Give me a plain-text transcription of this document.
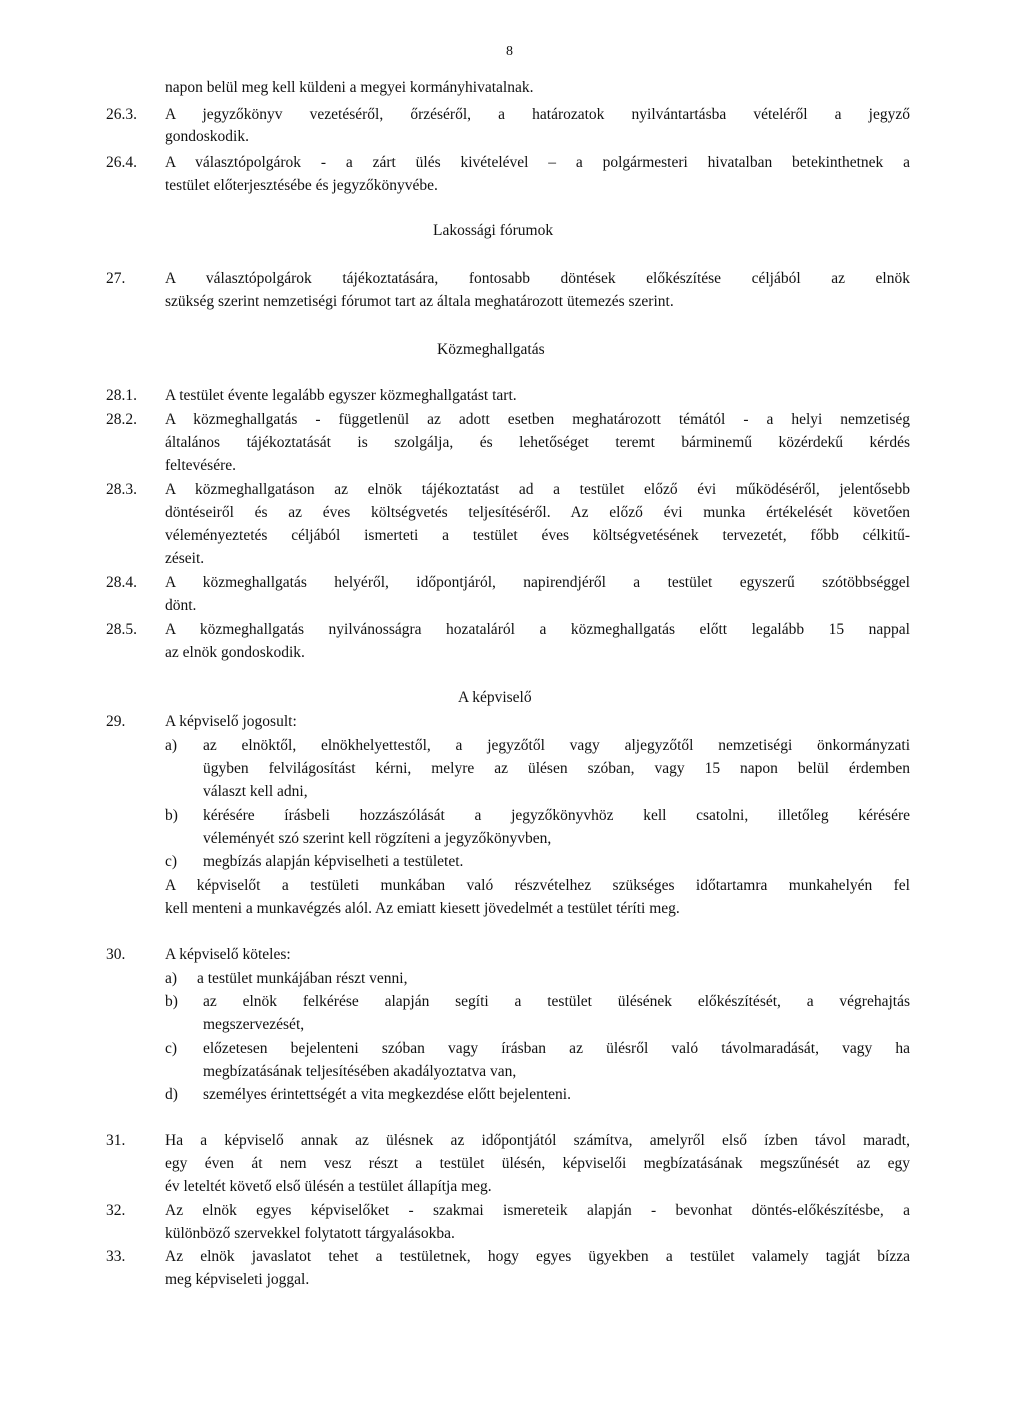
8
napon belül meg kell küldeni a megyei kormányhivatalnak.
26.3. A jegyzőkönyv vezetéséről, őrzéséről, a határozatok nyilvántartásba vételéről a jegyző
gondoskodik.
26.4. A választópolgárok - a zárt ülés kivételével – a polgármesteri hivatalban betekinthetnek a
testület előterjesztésébe és jegyzőkönyvébe.
Lakossági fórumok
27.	A választópolgárok tájékoztatására, fontosabb döntések előkészítése céljából az elnök
szükség szerint nemzetiségi fórumot tart az általa meghatározott ütemezés szerint.
Közmeghallgatás
28.1. A testület évente legalább egyszer közmeghallgatást tart.
28.2. A közmeghallgatás - függetlenül az adott esetben meghatározott témától - a helyi nemzetiség
általános tájékoztatását is szolgálja, és lehetőséget teremt bárminemű közérdekű kérdés
feltevésére.
28.3. A közmeghallgatáson az elnök tájékoztatást ad a testület előző évi működéséről, jelentősebb
döntéseiről és az éves költségvetés teljesítéséről. Az előző évi munka értékelését követően
véleményeztetés céljából ismerteti a testület éves költségvetésének tervezetét, főbb célkitű-
zéseit.
28.4. A közmeghallgatás helyéről, időpontjáról, napirendjéről a testület egyszerű szótöbbséggel
dönt.
28.5. A közmeghallgatás nyilvánosságra hozataláról a közmeghallgatás előtt legalább 15 nappal
az elnök gondoskodik.
A képviselő
29.	A képviselő jogosult:
a) az elnöktől, elnökhelyettestől, a jegyzőtől vagy aljegyzőtől nemzetiségi önkormányzati
ügyben felvilágosítást kérni, melyre az ülésen szóban, vagy 15 napon belül érdemben
választ kell adni,
b) kérésére írásbeli hozzászólását a jegyzőkönyvhöz kell csatolni, illetőleg kérésére
véleményét szó szerint kell rögzíteni a jegyzőkönyvben,
c) megbízás alapján képviselheti a testületet.
A képviselőt a testületi munkában való részvételhez szükséges időtartamra munkahelyén fel
kell menteni a munkavégzés alól. Az emiatt kiesett jövedelmét a testület téríti meg.
30.	A képviselő köteles:
a) a testület munkájában részt venni,
b) az elnök felkérése alapján segíti a testület ülésének előkészítését, a végrehajtás
megszervezését,
c) előzetesen bejelenteni szóban vagy írásban az ülésről való távolmaradását, vagy ha
megbízatásának teljesítésében akadályoztatva van,
d) személyes érintettségét a vita megkezdése előtt bejelenteni.
31.	Ha a képviselő annak az ülésnek az időpontjától számítva, amelyről első ízben távol maradt,
egy éven át nem vesz részt a testület ülésén, képviselői megbízatásának megszűnését az egy
év leteltét követő első ülésén a testület állapítja meg.
32.	Az elnök egyes képviselőket - szakmai ismereteik alapján - bevonhat döntés-előkészítésbe, a
különböző szervekkel folytatott tárgyalásokba.
33.	Az elnök javaslatot tehet a testületnek, hogy egyes ügyekben a testület valamely tagját bízza
meg képviseleti joggal.
